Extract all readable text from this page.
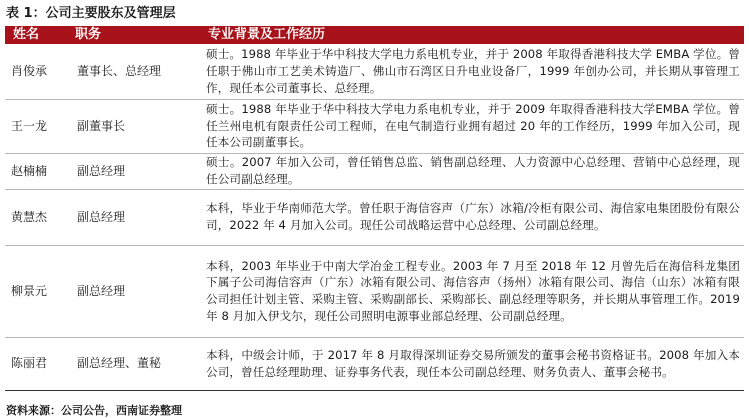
表 1：公司主要股东及管理层
姓名	职务	专业背景及工作经历
肖俊承	董事长、总经理	硕士。1988 年毕业于华中科技大学电力系电机专业，并于 2008 年取得香港科技大学 EMBA 学位。曾任职于佛山市工艺美术铸造厂、佛山市石湾区日升电业设备厂，1999 年创办公司，并长期从事管理工作，现任本公司董事长、总经理。
王一龙	副董事长	硕士。1988 年毕业于华中科技大学电力系电机专业，并于 2009 年取得香港科技大学EMBA 学位。曾任兰州电机有限责任公司工程师，在电气制造行业拥有超过 20 年的工作经历，1999 年加入公司，现任本公司副董事长。
赵楠楠	副总经理	硕士。2007 年加入公司，曾任销售总监、销售副总经理、人力资源中心总经理、营销中心总经理，现任公司副总经理。
黄慧杰	副总经理	本科，毕业于华南师范大学。曾任职于海信容声（广东）冰箱/冷柜有限公司、海信家电集团股份有限公司，2022 年 4 月加入公司。现任公司战略运营中心总经理、公司副总经理。
柳景元	副总经理	本科，2003 年毕业于中南大学冶金工程专业。2003 年 7 月至 2018 年 12 月曾先后在海信科龙集团下属子公司海信容声（广东）冰箱有限公司、海信容声（扬州）冰箱有限公司、海信（山东）冰箱有限公司担任计划主管、采购主管、采购副部长、采购部长、副总经理等职务，并长期从事管理工作。2019 年 8 月加入伊戈尔，现任公司照明电源事业部总经理、公司副总经理。
陈丽君	副总经理、董秘	本科，中级会计师，于 2017 年 8 月取得深圳证券交易所颁发的董事会秘书资格证书。2008 年加入本公司，曾任总经理助理、证券事务代表，现任本公司副总经理、财务负责人、董事会秘书。
资料来源：公司公告，西南证券整理
